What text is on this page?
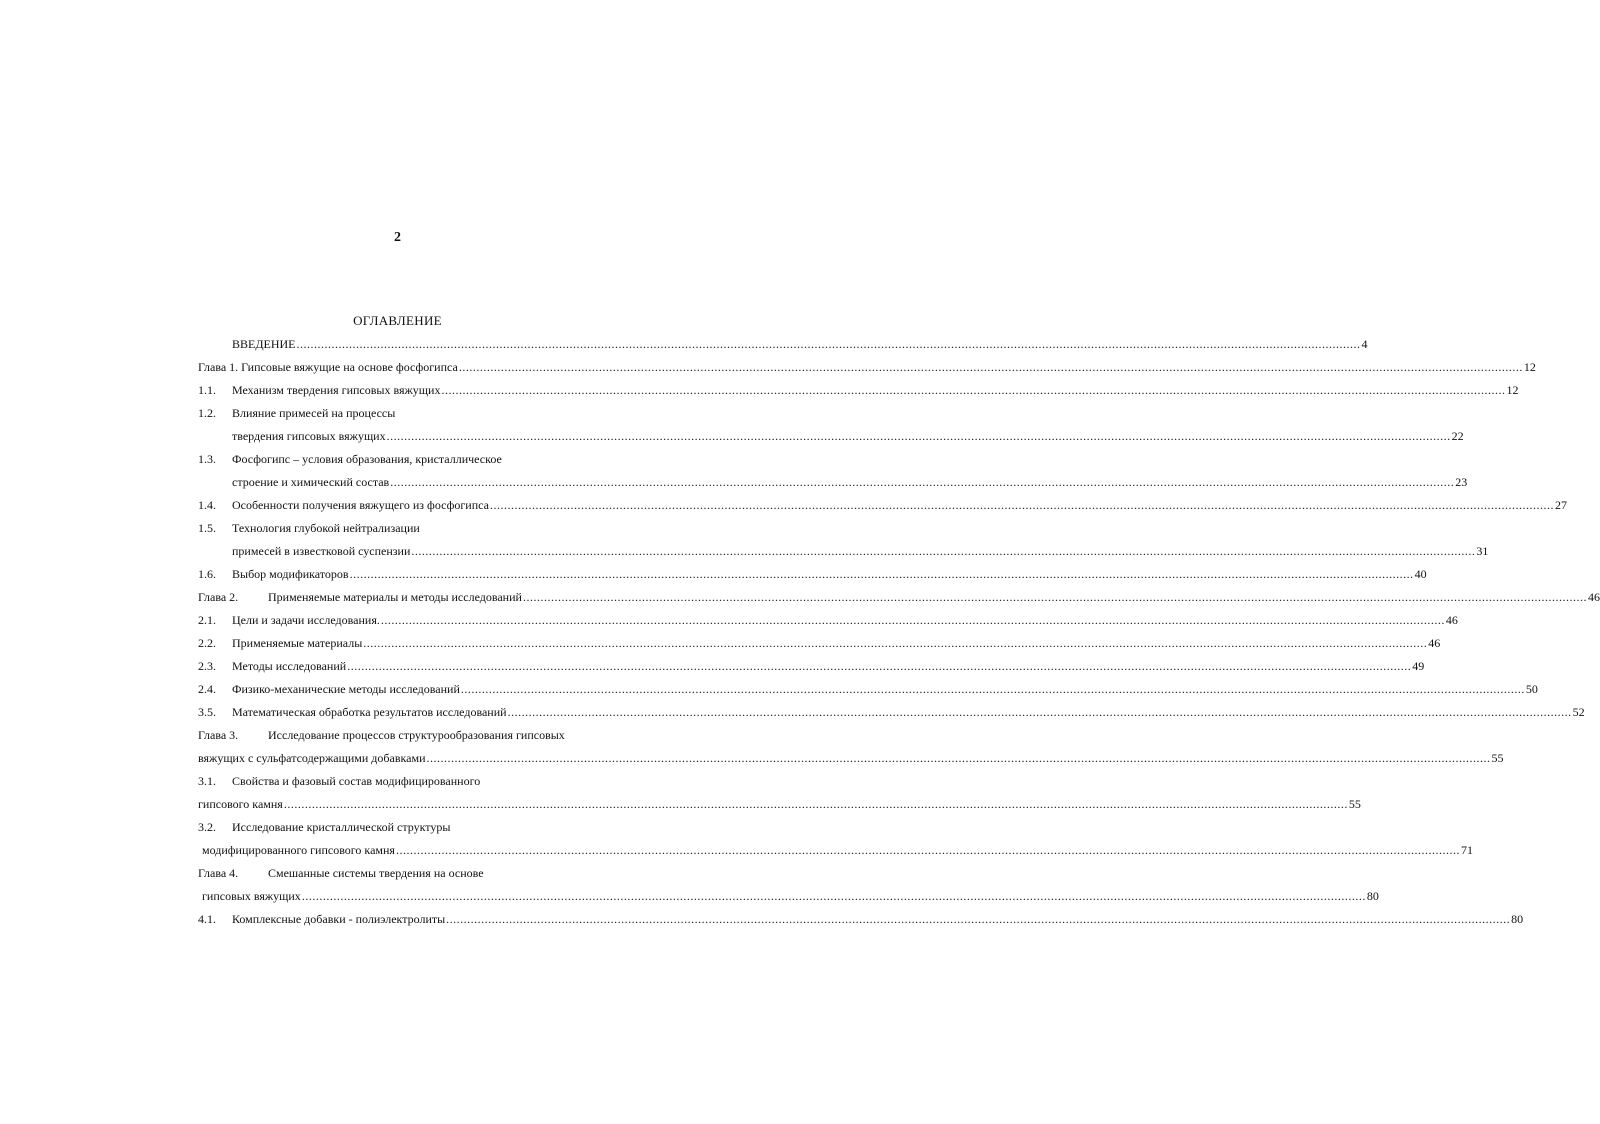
2
ОГЛАВЛЕНИЕ
ВВЕДЕНИЕ .....	4
Глава 1. Гипсовые вяжущие на основе фосфогипса .....	12
1.1. Механизм твердения гипсовых вяжущих .....	12
1.2. Влияние примесей на процессы
твердения гипсовых вяжущих .....	22
1.3. Фосфогипс – условия образования, кристаллическое
строение и химический состав .....	23
1.4. Особенности получения вяжущего из фосфогипса .....	27
1.5. Технология глубокой нейтрализации
примесей в известковой суспензии .....	31
1.6. Выбор модификаторов .....	40
Глава 2. Применяемые материалы и методы исследований .....	46
2.1. Цели и задачи исследования. .....	46
2.2. Применяемые материалы .....	46
2.3. Методы исследований .....	49
2.4. Физико-механические методы исследований .....	50
3.5. Математическая обработка результатов исследований .....	52
Глава 3. Исследование процессов структурообразования гипсовых
вяжущих с сульфатсодержащими добавками .....	55
3.1. Свойства и фазовый состав модифицированного
гипсового камня .....	55
3.2. Исследование кристаллической структуры
модифицированного гипсового камня .....	71
Глава 4. Смешанные системы твердения на основе
гипсовых вяжущих .....	80
4.1. Комплексные добавки - полиэлектролиты .....	80
